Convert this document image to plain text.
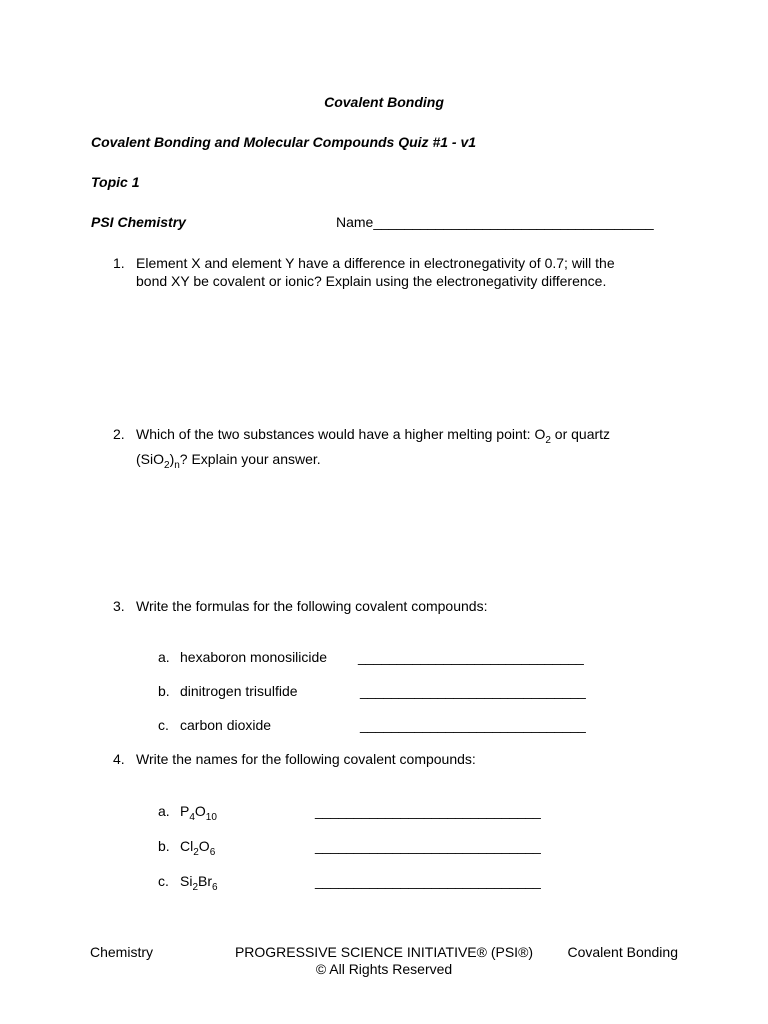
Covalent Bonding
Covalent Bonding and Molecular Compounds Quiz #1 - v1
Topic 1
PSI Chemistry	Name____________________________________
1. Element X and element Y have a difference in electronegativity of 0.7; will the
bond XY be covalent or ionic? Explain using the electronegativity difference.
2. Which of the two substances would have a higher melting point: $O_2$ or quartz
$(SiO_2)_n$? Explain your answer.
3. Write the formulas for the following covalent compounds:
a. hexaboron monosilicide _____________________________
b. dinitrogen trisulfide	_____________________________
c. carbon dioxide	_____________________________
4. Write the names for the following covalent compounds:
a. $P_4O_{10}$	_____________________________
b. $Cl_2O_6$	_____________________________
c. $Si_2Br_6$	_____________________________
Chemistry	PROGRESSIVE SCIENCE INITIATIVE® (PSI®)
© All Rights Reserved
Covalent Bonding
